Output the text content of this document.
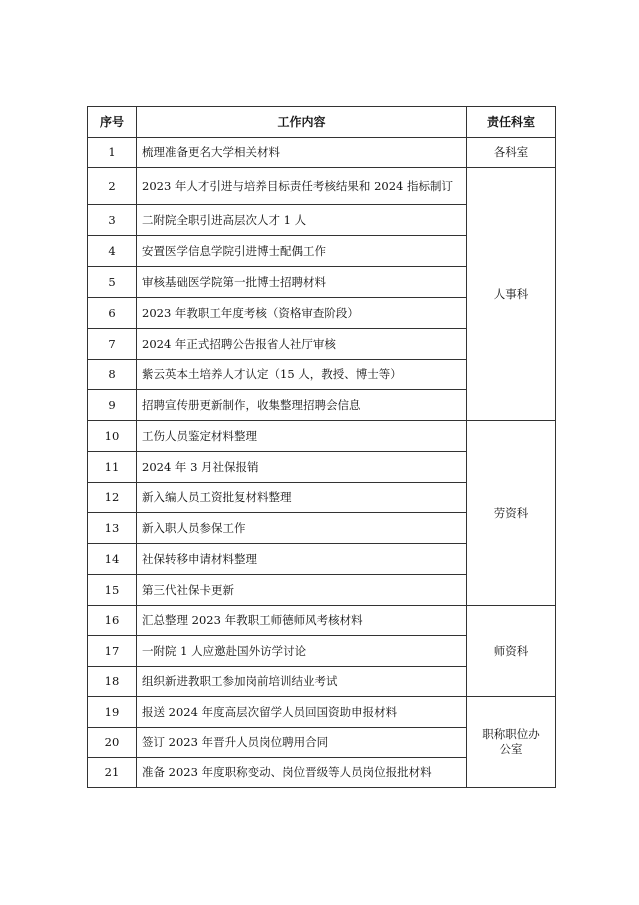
序号	工作内容	责任科室
1	梳理准备更名大学相关材料	各科室

2	2023 年人才引进与培养目标责任考核结果和 2024 指标制订	人事科

3	二附院全职引进高层次人才 1 人	
4	安置医学信息学院引进博士配偶工作	
5	审核基础医学院第一批博士招聘材料	
6	2023 年教职工年度考核（资格审查阶段）	
7	2024 年正式招聘公告报省人社厅审核	
8	紫云英本土培养人才认定（15 人，教授、博士等）	
9	招聘宣传册更新制作，收集整理招聘会信息	
10	工伤人员鉴定材料整理	劳资科

11	2024 年 3 月社保报销	
12	新入编人员工资批复材料整理	
13	新入职人员参保工作	
14	社保转移申请材料整理	
15	第三代社保卡更新	
16	汇总整理 2023 年教职工师德师风考核材料	师资科

17	一附院 1 人应邀赴国外访学讨论	
18	组织新进教职工参加岗前培训结业考试	
19	报送 2024 年度高层次留学人员回国资助申报材料	职称职位办公室

20	签订 2023 年晋升人员岗位聘用合同	
21	准备 2023 年度职称变动、岗位晋级等人员岗位报批材料	
